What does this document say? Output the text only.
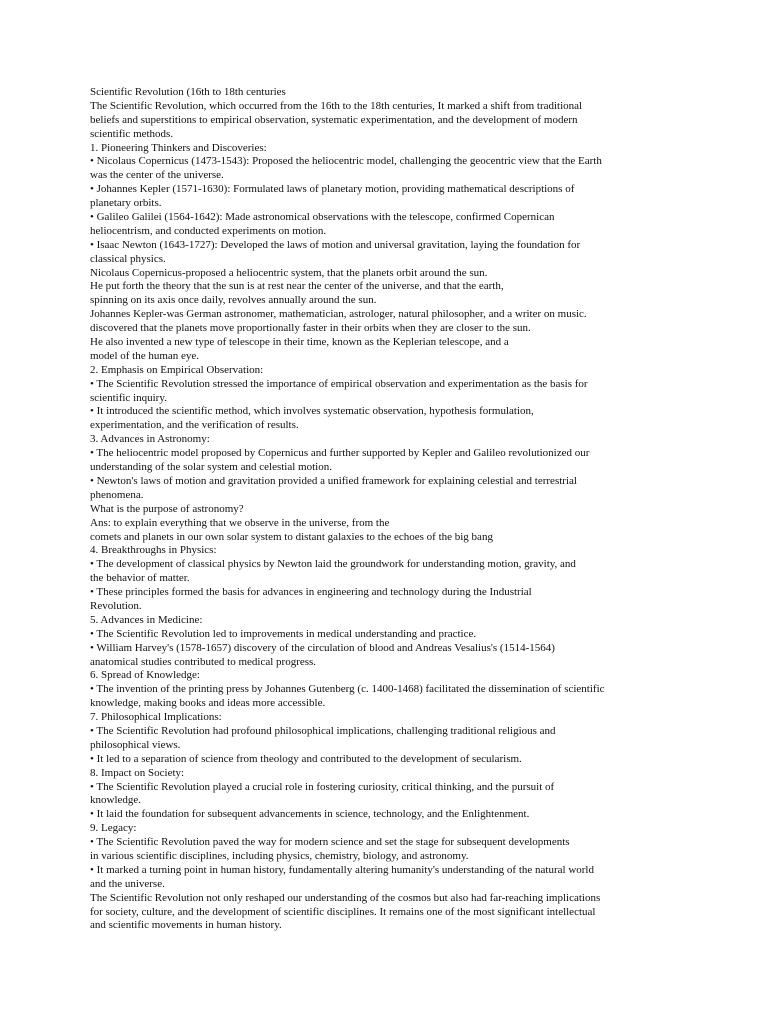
Scientific Revolution (16th to 18th centuries
The Scientific Revolution, which occurred from the 16th to the 18th centuries, It marked a shift from traditional
beliefs and superstitions to empirical observation, systematic experimentation, and the development of modern
scientific methods.
1. Pioneering Thinkers and Discoveries:
• Nicolaus Copernicus (1473-1543): Proposed the heliocentric model, challenging the geocentric view that the Earth
was the center of the universe.
• Johannes Kepler (1571-1630): Formulated laws of planetary motion, providing mathematical descriptions of
planetary orbits.
• Galileo Galilei (1564-1642): Made astronomical observations with the telescope, confirmed Copernican
heliocentrism, and conducted experiments on motion.
• Isaac Newton (1643-1727): Developed the laws of motion and universal gravitation, laying the foundation for
classical physics.
Nicolaus Copernicus-proposed a heliocentric system, that the planets orbit around the sun.
He put forth the theory that the sun is at rest near the center of the universe, and that the earth,
spinning on its axis once daily, revolves annually around the sun.
Johannes Kepler-was German astronomer, mathematician, astrologer, natural philosopher, and a writer on music.
discovered that the planets move proportionally faster in their orbits when they are closer to the sun.
He also invented a new type of telescope in their time, known as the Keplerian telescope, and a
model of the human eye.
2. Emphasis on Empirical Observation:
• The Scientific Revolution stressed the importance of empirical observation and experimentation as the basis for
scientific inquiry.
• It introduced the scientific method, which involves systematic observation, hypothesis formulation,
experimentation, and the verification of results.
3. Advances in Astronomy:
• The heliocentric model proposed by Copernicus and further supported by Kepler and Galileo revolutionized our
understanding of the solar system and celestial motion.
• Newton's laws of motion and gravitation provided a unified framework for explaining celestial and terrestrial
phenomena.
What is the purpose of astronomy?
Ans: to explain everything that we observe in the universe, from the
comets and planets in our own solar system to distant galaxies to the echoes of the big bang
4. Breakthroughs in Physics:
• The development of classical physics by Newton laid the groundwork for understanding motion, gravity, and
the behavior of matter.
• These principles formed the basis for advances in engineering and technology during the Industrial
Revolution.
5. Advances in Medicine:
• The Scientific Revolution led to improvements in medical understanding and practice.
• William Harvey's (1578-1657) discovery of the circulation of blood and Andreas Vesalius's (1514-1564)
anatomical studies contributed to medical progress.
6. Spread of Knowledge:
• The invention of the printing press by Johannes Gutenberg (c. 1400-1468) facilitated the dissemination of scientific
knowledge, making books and ideas more accessible.
7. Philosophical Implications:
• The Scientific Revolution had profound philosophical implications, challenging traditional religious and
philosophical views.
• It led to a separation of science from theology and contributed to the development of secularism.
8. Impact on Society:
• The Scientific Revolution played a crucial role in fostering curiosity, critical thinking, and the pursuit of
knowledge.
• It laid the foundation for subsequent advancements in science, technology, and the Enlightenment.
9. Legacy:
• The Scientific Revolution paved the way for modern science and set the stage for subsequent developments
in various scientific disciplines, including physics, chemistry, biology, and astronomy.
• It marked a turning point in human history, fundamentally altering humanity's understanding of the natural world
and the universe.
The Scientific Revolution not only reshaped our understanding of the cosmos but also had far-reaching implications
for society, culture, and the development of scientific disciplines. It remains one of the most significant intellectual
and scientific movements in human history.
